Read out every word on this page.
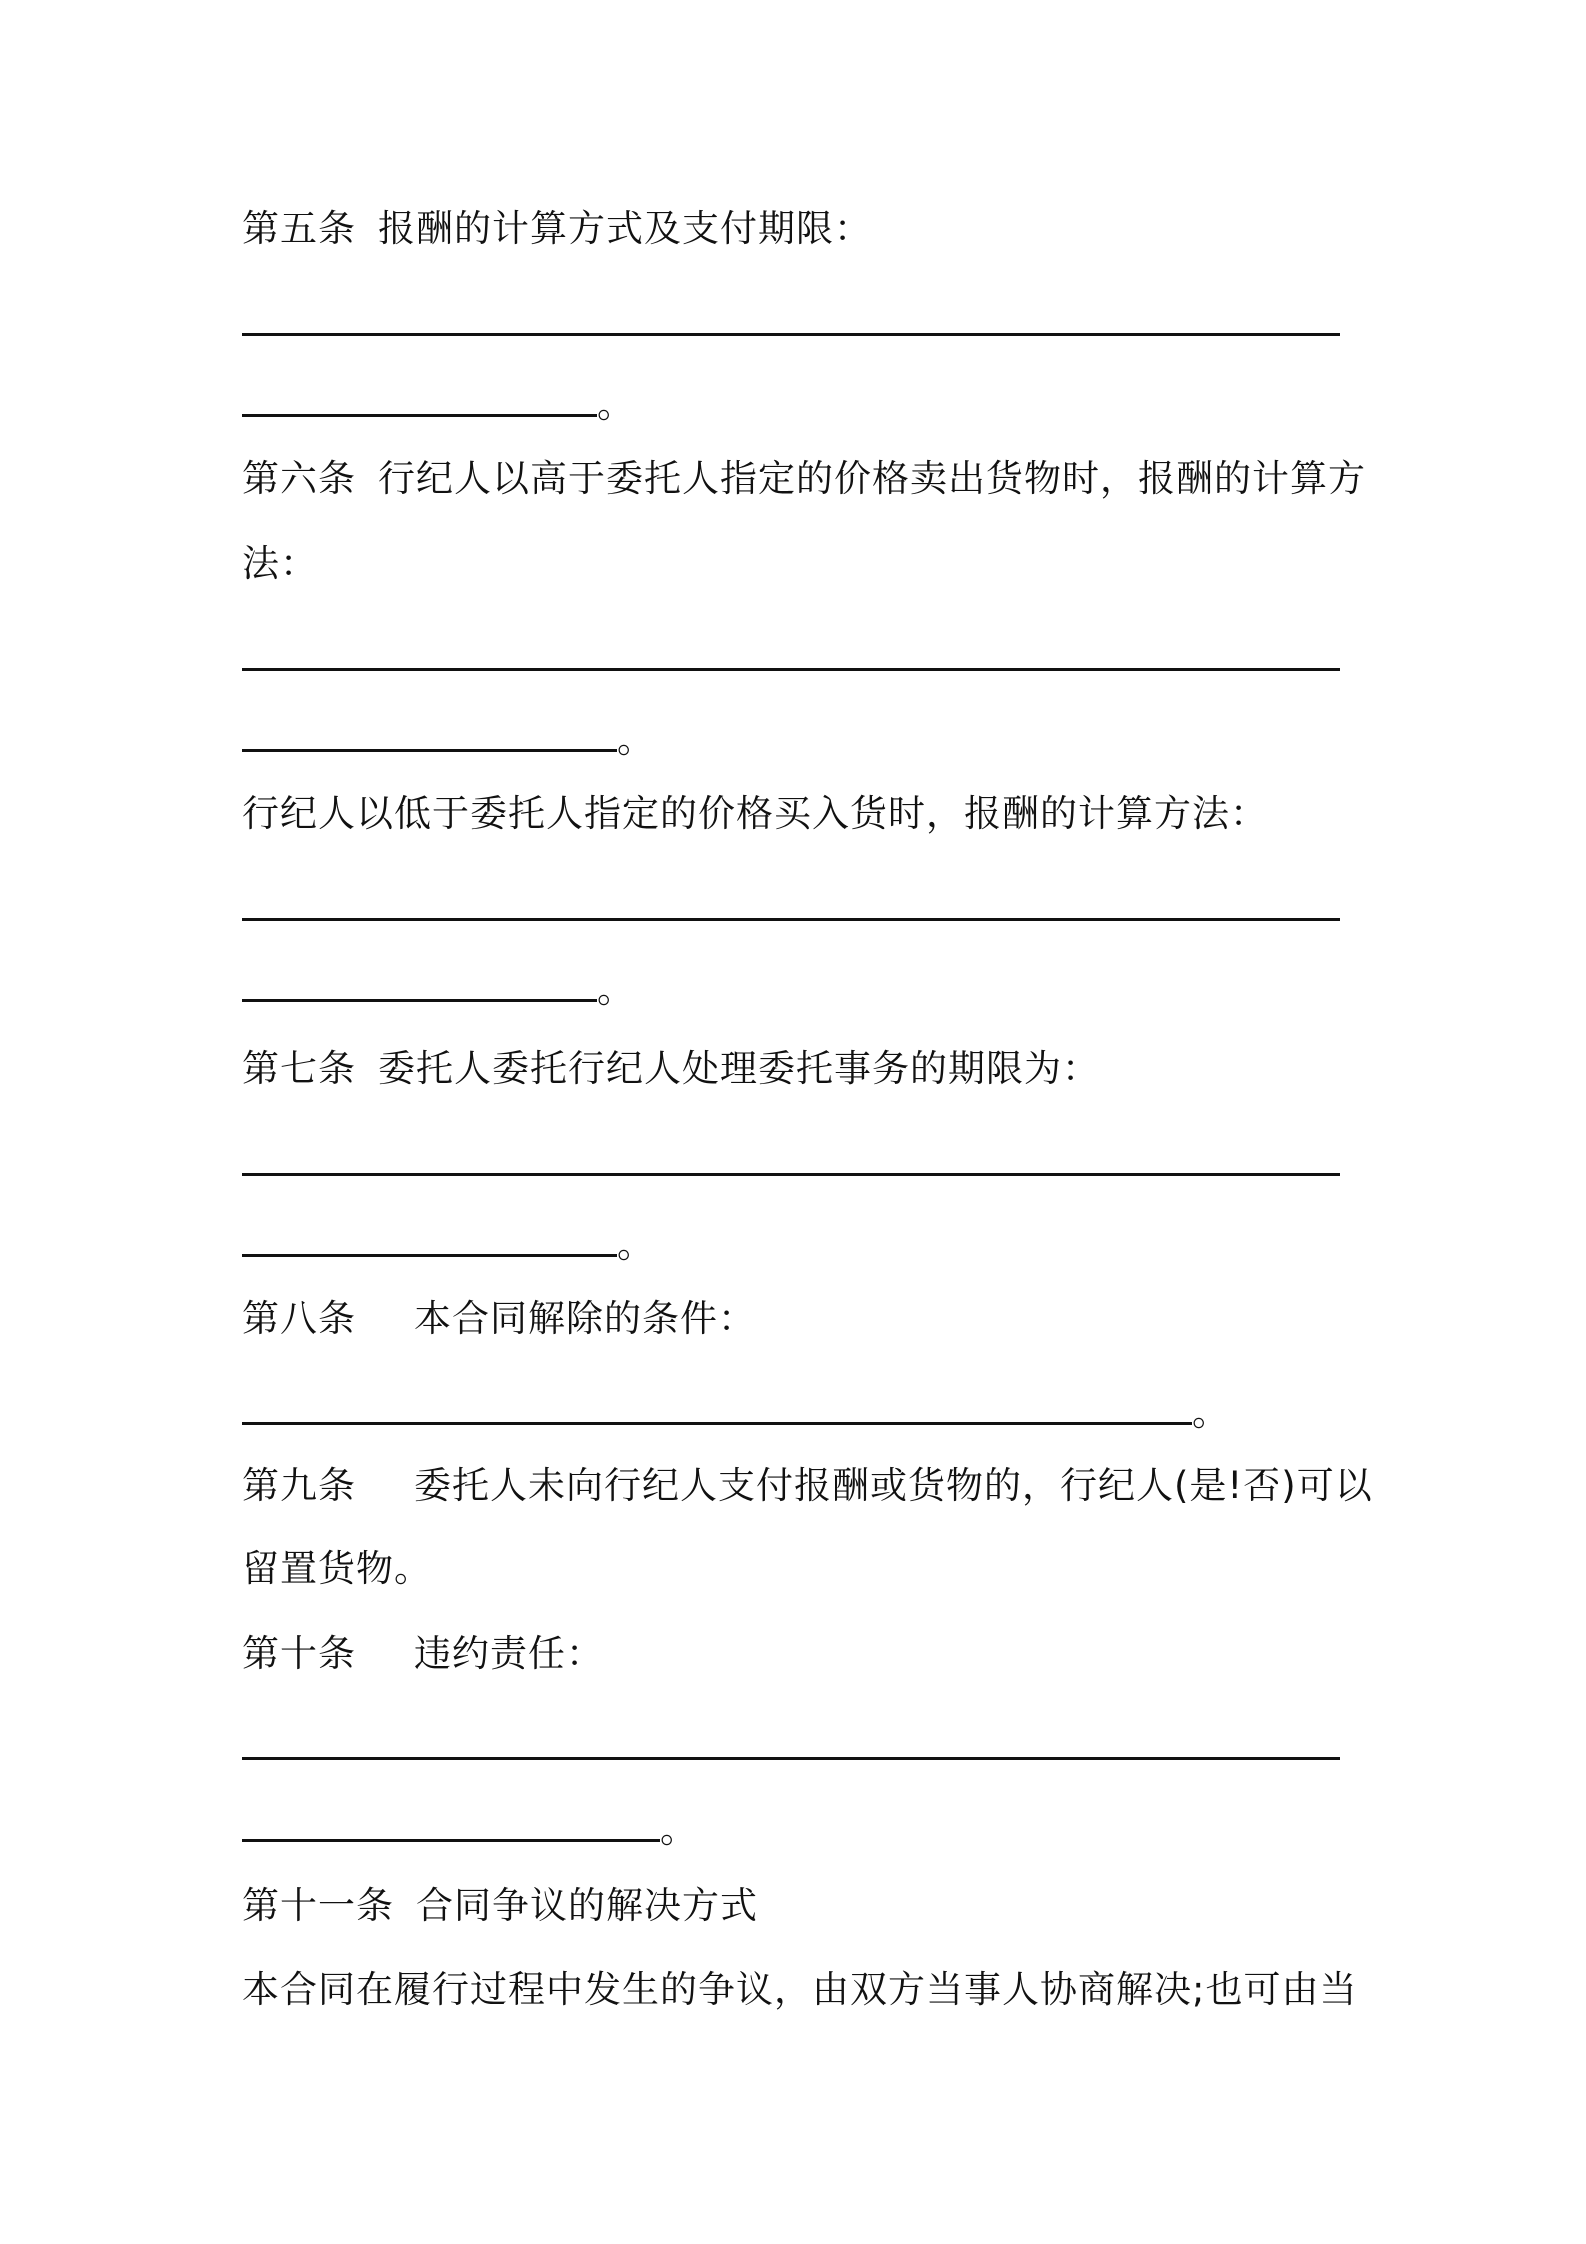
第五条 报酬的计算方式及支付期限：
。
第六条 行纪人以高于委托人指定的价格卖出货物时，报酬的计算方
法：
。
行纪人以低于委托人指定的价格买入货时，报酬的计算方法：
。
第七条 委托人委托行纪人处理委托事务的期限为：
。
第八条 本合同解除的条件：
。
第九条 委托人未向行纪人支付报酬或货物的，行纪人(是!否)可以
留置货物。
第十条 违约责任：
。
第十一条 合同争议的解决方式
本合同在履行过程中发生的争议，由双方当事人协商解决;也可由当
